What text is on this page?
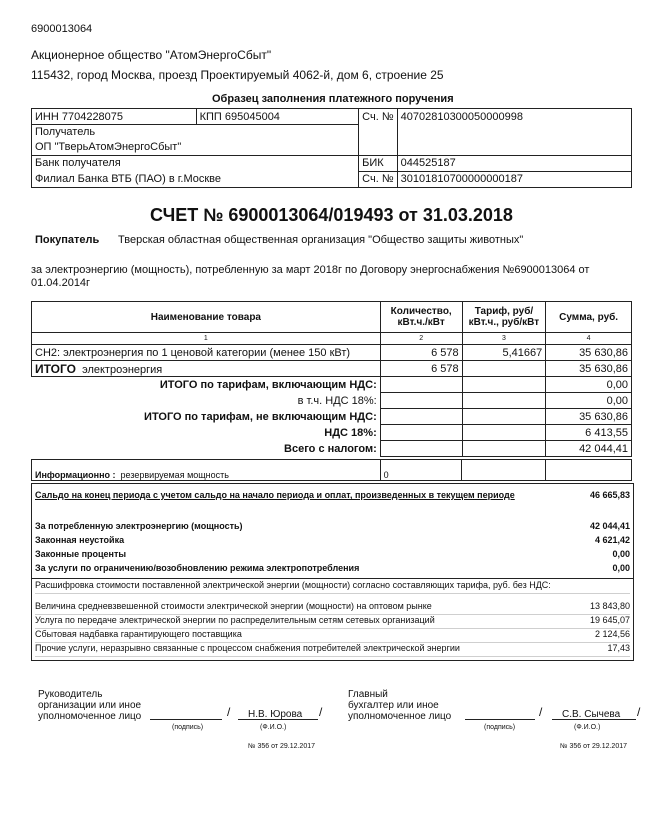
6900013064
Акционерное общество "АтомЭнергоСбыт"
115432, город Москва, проезд Проектируемый 4062-й, дом 6, строение 25
Образец заполнения платежного поручения
ИНН 7704228075	КПП 695045004	Сч. №	40702810300050000998
Получатель			
ОП "ТверьАтомЭнергоСбыт"			
Банк получателя		БИК	044525187
Филиал Банка ВТБ (ПАО) в г.Москве		Сч. №	30101810700000000187
СЧЕТ № 6900013064/019493 от 31.03.2018
Покупатель Тверская областная общественная организация "Общество защиты животных"
за электроэнергию (мощность), потребленную за март 2018г по Договору энергоснабжения №6900013064 от
01.04.2014г
Наименование товара	Количество, кВт.ч./кВт	Тариф, руб/ кВт.ч., руб/кВт	Сумма, руб.
1	2	3	4
СН2: электроэнергия по 1 ценовой категории (менее 150 кВт)	6 578	5,41667	35 630,86
ИТОГО электроэнергия	6 578		35 630,86
ИТОГО по тарифам, включающим НДС:			0,00
в т.ч. НДС 18%:			0,00
ИТОГО по тарифам, не включающим НДС:			35 630,86
НДС 18%:			6 413,55
Всего с налогом:			42 044,41
Информационно : резервируемая мощность	0		
Сальдо на конец периода с учетом сальдо на начало периода и оплат, произведенных в текущем периоде	46 665,83
За потребленную электроэнергию (мощность)	42 044,41
Законная неустойка	4 621,42
Законные проценты	0,00
За услуги по ограничению/возобновлению режима электропотребления	0,00
Расшифровка стоимости поставленной электрической энергии (мощности) согласно составляющих тарифа, руб. без НДС:
Величина средневзвешенной стоимости электрической энергии (мощности) на оптовом рынке	13 843,80
Услуга по передаче электрической энергии по распределительным сетям сетевых организаций	19 645,07
Сбытовая надбавка гарантирующего поставщика	2 124,56
Прочие услуги, неразрывно связанные с процессом снабжения потребителей электрической энергии	17,43
Руководитель
организации или иное
уполномоченное лицо	/ Н.В. Юрова /
(подпись)	(Ф.И.О.)
№ 356 от 29.12.2017
Главный
бухгалтер или иное
уполномоченное лицо	/ С.В. Сычева /
(подпись)	(Ф.И.О.)
№ 356 от 29.12.2017
